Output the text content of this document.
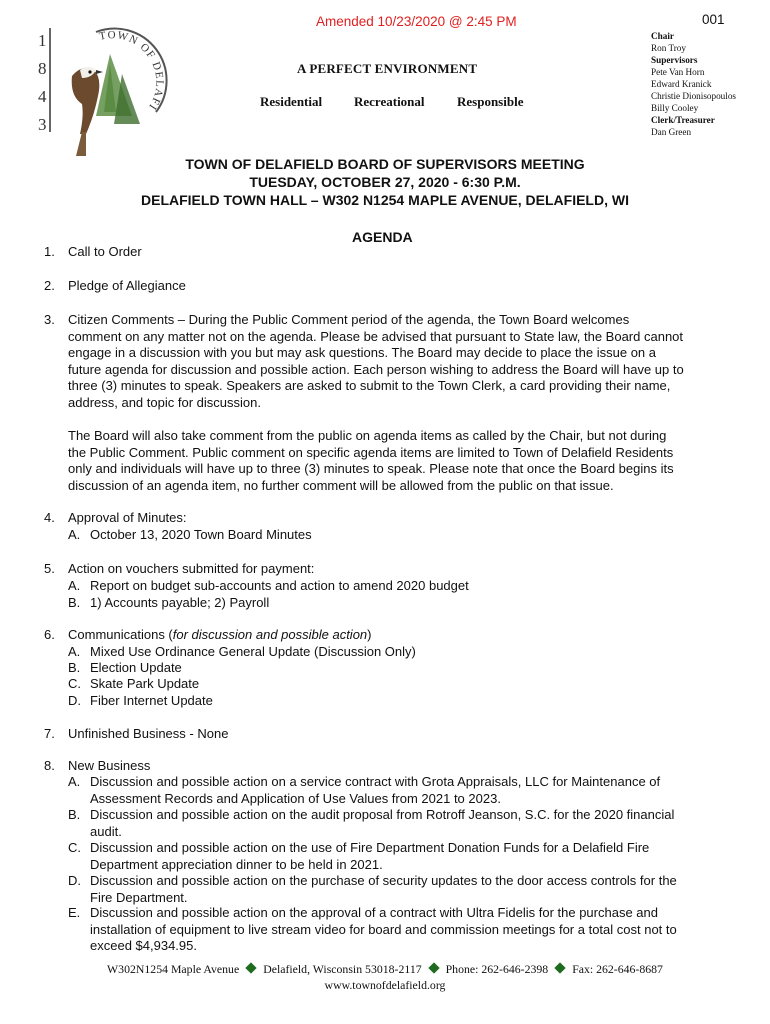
Amended 10/23/2020 @ 2:45 PM	001
1
8
4
3
TOWN OF DELAFI
A PERFECT ENVIRONMENT
Residential Recreational Responsible
Chair
Ron Troy
Supervisors
Pete Van Horn
Edward Kranick
Christie Dionisopoulos
Billy Cooley
Clerk/Treasurer
Dan Green
TOWN OF DELAFIELD BOARD OF SUPERVISORS MEETING
TUESDAY, OCTOBER 27, 2020 - 6:30 P.M.
DELAFIELD TOWN HALL – W302 N1254 MAPLE AVENUE, DELAFIELD, WI
AGENDA
1. Call to Order
2. Pledge of Allegiance
3. Citizen Comments – During the Public Comment period of the agenda, the Town Board welcomes
comment on any matter not on the agenda. Please be advised that pursuant to State law, the Board cannot
engage in a discussion with you but may ask questions. The Board may decide to place the issue on a
future agenda for discussion and possible action. Each person wishing to address the Board will have up to
three (3) minutes to speak. Speakers are asked to submit to the Town Clerk, a card providing their name,
address, and topic for discussion.
The Board will also take comment from the public on agenda items as called by the Chair, but not during
the Public Comment. Public comment on specific agenda items are limited to Town of Delafield Residents
only and individuals will have up to three (3) minutes to speak. Please note that once the Board begins its
discussion of an agenda item, no further comment will be allowed from the public on that issue.
4. Approval of Minutes:
A. October 13, 2020 Town Board Minutes
5. Action on vouchers submitted for payment:
A. Report on budget sub-accounts and action to amend 2020 budget
B. 1) Accounts payable; 2) Payroll
6. Communications (for discussion and possible action)
A. Mixed Use Ordinance General Update (Discussion Only)
B. Election Update
C. Skate Park Update
D. Fiber Internet Update
7. Unfinished Business - None
8. New Business
A. Discussion and possible action on a service contract with Grota Appraisals, LLC for Maintenance of
Assessment Records and Application of Use Values from 2021 to 2023.
B. Discussion and possible action on the audit proposal from Rotroff Jeanson, S.C. for the 2020 financial
audit.
C. Discussion and possible action on the use of Fire Department Donation Funds for a Delafield Fire
Department appreciation dinner to be held in 2021.
D. Discussion and possible action on the purchase of security updates to the door access controls for the
Fire Department.
E. Discussion and possible action on the approval of a contract with Ultra Fidelis for the purchase and
installation of equipment to live stream video for board and commission meetings for a total cost not to
exceed $4,934.95.
W302N1254 Maple Avenue Delafield, Wisconsin 53018-2117 Phone: 262-646-2398 Fax: 262-646-8687
www.townofdelafield.org
